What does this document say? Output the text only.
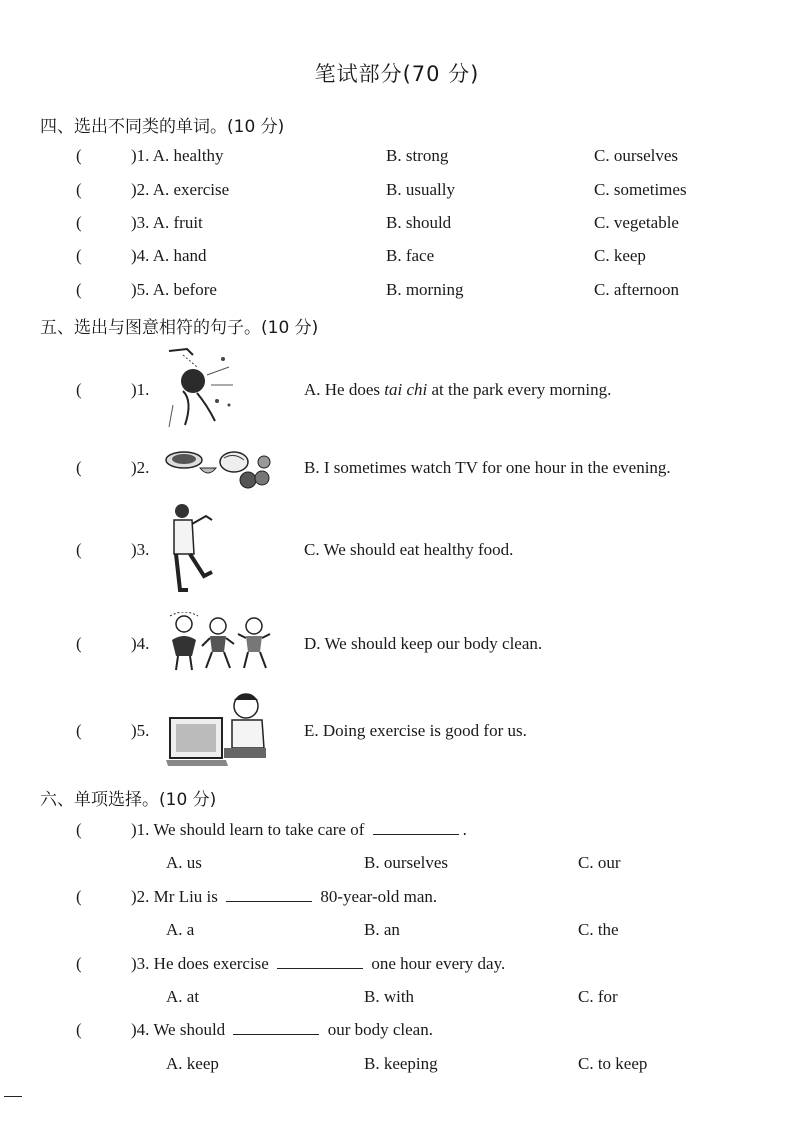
笔试部分(70 分)
四、选出不同类的单词。(10 分)
(	)1. A. healthy	B. strong	C. ourselves
(	)2. A. exercise	B. usually	C. sometimes
(	)3. A. fruit	B. should	C. vegetable
(	)4. A. hand	B. face	C. keep
(	)5. A. before	B. morning	C. afternoon
五、选出与图意相符的句子。(10 分)
(	)1.	A. He does tai chi at the park every morning.
(	)2.	B. I sometimes watch TV for one hour in the evening.
(	)3.	C. We should eat healthy food.
(	)4.	D. We should keep our body clean.
(	)5.	E. Doing exercise is good for us.
六、单项选择。(10 分)
(	)1. We should learn to take care of	.
A. us	B. ourselves	C. our
(	)2. Mr Liu is	80-year-old man.
A. a	B. an	C. the
(	)3. He does exercise	one hour every day.
A. at	B. with	C. for
(	)4. We should	our body clean.
A. keep	B. keeping	C. to keep
